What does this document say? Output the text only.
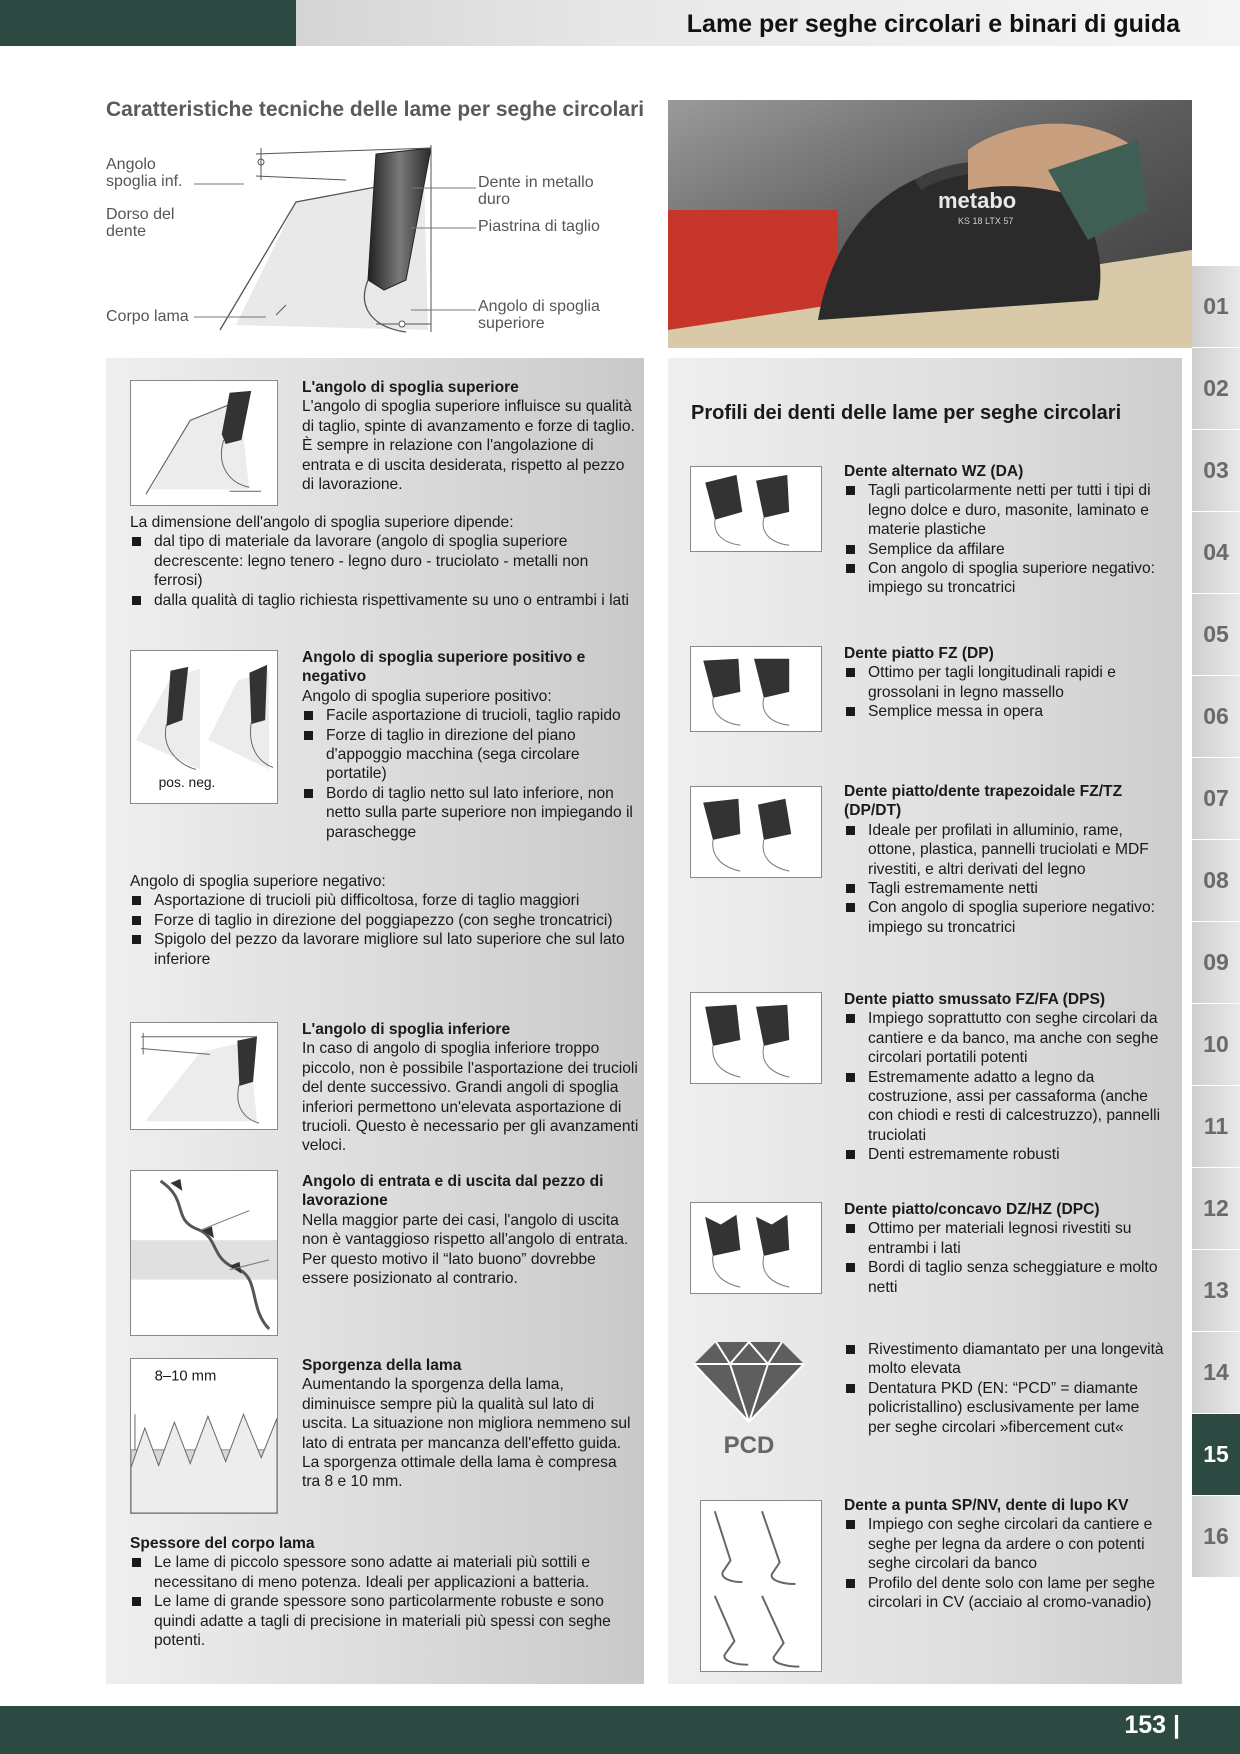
Lame per seghe circolari e binari di guida
153 |
01
02
03
04
05
06
07
08
09
10
11
12
13
14
15
16
Caratteristiche tecniche delle lame per seghe circolari
Angolo
spoglia inf.
Dorso del
dente
Corpo lama
Dente in metallo
duro
Piastrina di taglio
Angolo di spoglia
superiore
metabo
KS 18 LTX 57
L'angolo di spoglia superiore
L'angolo di spoglia superiore influisce su qualità di taglio, spinte di avanzamento e forze di taglio. È sempre in relazione con l'angolazione di entrata e di uscita desiderata, rispetto al pezzo di lavorazione.
La dimensione dell'angolo di spoglia superiore dipende:
dal tipo di materiale da lavorare (angolo di spoglia superiore decrescente: legno tenero - legno duro - truciolato - metalli non ferrosi)
dalla qualità di taglio richiesta rispettivamente su uno o entrambi i lati
pos. neg.
Angolo di spoglia superiore positivo e negativo
Angolo di spoglia superiore positivo:
Facile asportazione di trucioli, taglio rapido
Forze di taglio in direzione del piano d'appoggio macchina (sega circolare portatile)
Bordo di taglio netto sul lato inferiore, non netto sulla parte superiore non impiegando il paraschegge
Angolo di spoglia superiore negativo:
Asportazione di trucioli più difficoltosa, forze di taglio maggiori
Forze di taglio in direzione del poggiapezzo (con seghe troncatrici)
Spigolo del pezzo da lavorare migliore sul lato superiore che sul lato inferiore
L'angolo di spoglia inferiore
In caso di angolo di spoglia inferiore troppo piccolo, non è possibile l'asportazione dei trucioli del dente successivo. Grandi angoli di spoglia inferiori permettono un'elevata asportazione di trucioli. Questo è necessario per gli avanzamenti veloci.
Angolo di entrata e di uscita dal pezzo di lavorazione
Nella maggior parte dei casi, l'angolo di uscita non è vantaggioso rispetto all'angolo di entrata. Per questo motivo il “lato buono” dovrebbe essere posizionato al contrario.
8–10 mm
Sporgenza della lama
Aumentando la sporgenza della lama, diminuisce sempre più la qualità sul lato di uscita. La situazione non migliora nemmeno sul lato di entrata per mancanza dell'effetto guida.
La sporgenza ottimale della lama è compresa tra 8 e 10 mm.
Spessore del corpo lama
Le lame di piccolo spessore sono adatte ai materiali più sottili e necessitano di meno potenza. Ideali per applicazioni a batteria.
Le lame di grande spessore sono particolarmente robuste e sono quindi adatte a tagli di precisione in materiali più spessi con seghe potenti.
Profili dei denti delle lame per seghe circolari
PCD
Dente alternato WZ (DA)
Tagli particolarmente netti per tutti i tipi di legno dolce e duro, masonite, laminato e materie plastiche
Semplice da affilare
Con angolo di spoglia superiore negativo: impiego su troncatrici
Dente piatto FZ (DP)
Ottimo per tagli longitudinali rapidi e grossolani in legno massello
Semplice messa in opera
Dente piatto/dente trapezoidale FZ/TZ (DP/DT)
Ideale per profilati in alluminio, rame, ottone, plastica, pannelli truciolati e MDF rivestiti, e altri derivati del legno
Tagli estremamente netti
Con angolo di spoglia superiore negativo: impiego su troncatrici
Dente piatto smussato FZ/FA (DPS)
Impiego soprattutto con seghe circolari da cantiere e da banco, ma anche con seghe circolari portatili potenti
Estremamente adatto a legno da costruzione, assi per cassaforma (anche con chiodi e resti di calcestruzzo), pannelli truciolati
Denti estremamente robusti
Dente piatto/concavo DZ/HZ (DPC)
Ottimo per materiali legnosi rivestiti su entrambi i lati
Bordi di taglio senza scheggiature e molto netti
Rivestimento diamantato per una longevità molto elevata
Dentatura PKD (EN: “PCD” = diamante policristallino) esclusivamente per lame per seghe circolari »fibercement cut«
Dente a punta SP/NV, dente di lupo KV
Impiego con seghe circolari da cantiere e seghe per legna da ardere o con potenti seghe circolari da banco
Profilo del dente solo con lame per seghe circolari in CV (acciaio al cromo-vanadio)
